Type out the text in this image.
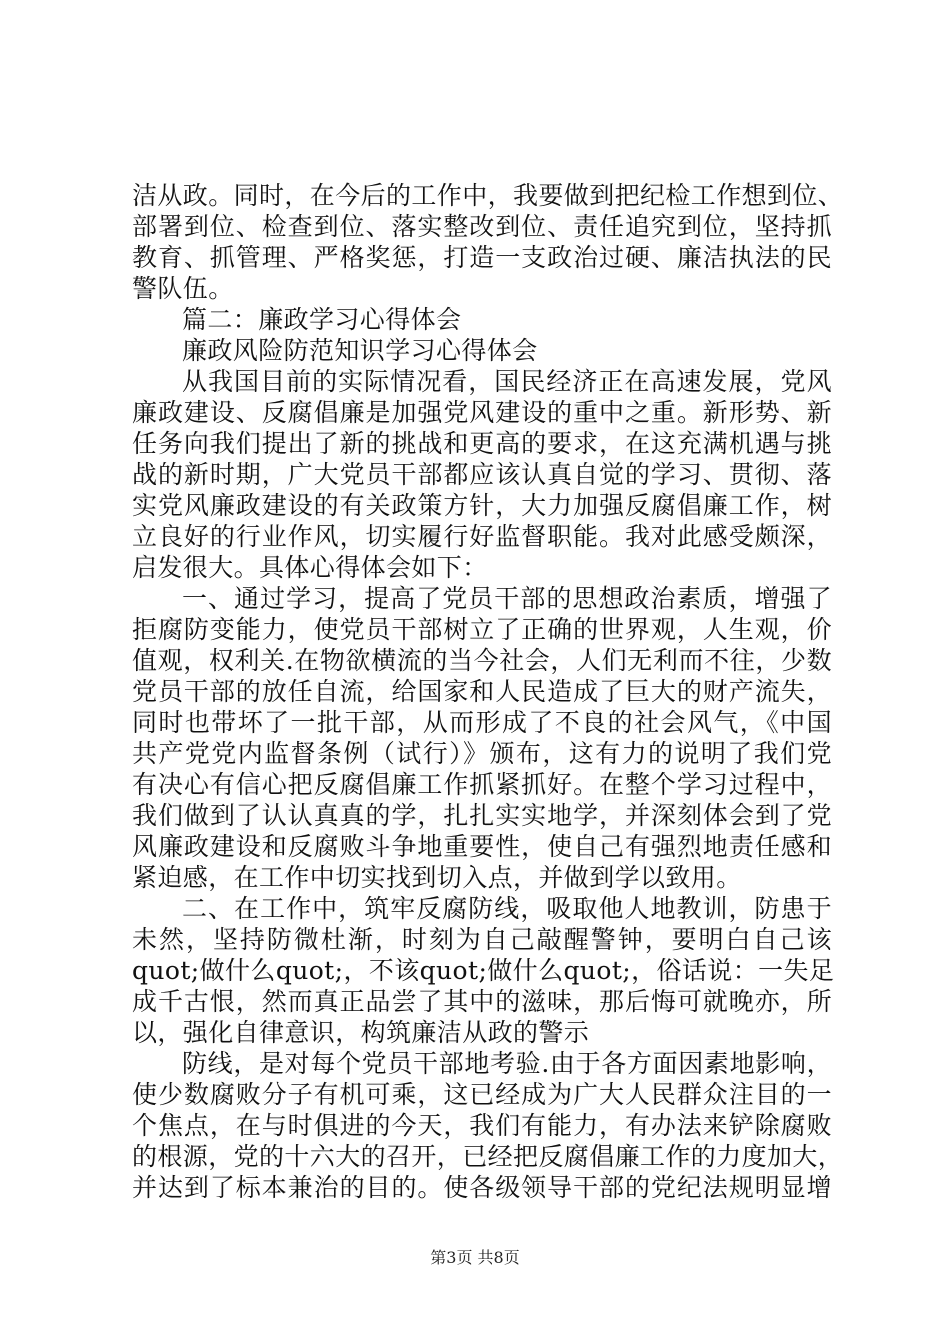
洁从政。同时，在今后的工作中，我要做到把纪检工作想到位、
部署到位、检查到位、落实整改到位、责任追究到位，坚持抓
教育、抓管理、严格奖惩，打造一支政治过硬、廉洁执法的民
警队伍。
篇二：廉政学习心得体会
廉政风险防范知识学习心得体会
从我国目前的实际情况看，国民经济正在高速发展，党风
廉政建设、反腐倡廉是加强党风建设的重中之重。新形势、新
任务向我们提出了新的挑战和更高的要求，在这充满机遇与挑
战的新时期，广大党员干部都应该认真自觉的学习、贯彻、落
实党风廉政建设的有关政策方针，大力加强反腐倡廉工作，树
立良好的行业作风，切实履行好监督职能。我对此感受颇深，
启发很大。具体心得体会如下：
一、通过学习，提高了党员干部的思想政治素质，增强了
拒腐防变能力，使党员干部树立了正确的世界观，人生观，价
值观，权利关.在物欲横流的当今社会，人们无利而不往，少数
党员干部的放任自流，给国家和人民造成了巨大的财产流失，
同时也带坏了一批干部，从而形成了不良的社会风气，《中国
共产党党内监督条例（试行）》颁布，这有力的说明了我们党
有决心有信心把反腐倡廉工作抓紧抓好。在整个学习过程中，
我们做到了认认真真的学，扎扎实实地学，并深刻体会到了党
风廉政建设和反腐败斗争地重要性，使自己有强烈地责任感和
紧迫感，在工作中切实找到切入点，并做到学以致用。
二、在工作中，筑牢反腐防线，吸取他人地教训，防患于
未然，坚持防微杜渐，时刻为自己敲醒警钟，要明白自己该
quot;做什么quot;，不该quot;做什么quot;，俗话说：一失足
成千古恨，然而真正品尝了其中的滋味，那后悔可就晚亦，所
以，强化自律意识，构筑廉洁从政的警示
防线，是对每个党员干部地考验.由于各方面因素地影响，
使少数腐败分子有机可乘，这已经成为广大人民群众注目的一
个焦点，在与时俱进的今天，我们有能力，有办法来铲除腐败
的根源，党的十六大的召开，已经把反腐倡廉工作的力度加大，
并达到了标本兼治的目的。使各级领导干部的党纪法规明显增
第3页 共8页
